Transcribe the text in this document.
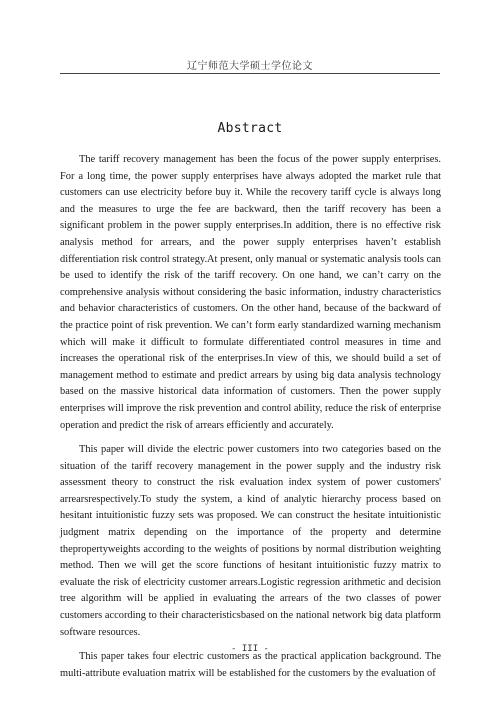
辽宁师范大学硕士学位论文
Abstract

The tariff recovery management has been the focus of the power supply enterprises. For a long time, the power supply enterprises have always adopted the market rule that customers can use electricity before buy it. While the recovery tariff cycle is always long and the measures to urge the fee are backward, then the tariff recovery has been a significant problem in the power supply enterprises.In addition, there is no effective risk analysis method for arrears, and the power supply enterprises haven’t establish differentiation risk control strategy.At present, only manual or systematic analysis tools can be used to identify the risk of the tariff recovery. On one hand, we can’t carry on the comprehensive analysis without considering the basic information, industry characteristics and behavior characteristics of customers. On the other hand, because of the backward of the practice point of risk prevention. We can’t form early standardized warning mechanism which will make it difficult to formulate differentiated control measures in time and increases the operational risk of the enterprises.In view of this, we should build a set of management method to estimate and predict arrears by using big data analysis technology based on the massive historical data information of customers. Then the power supply enterprises will improve the risk prevention and control ability, reduce the risk of enterprise operation and predict the risk of arrears efficiently and accurately.

This paper will divide the electric power customers into two categories based on the situation of the tariff recovery management in the power supply and the industry risk assessment theory to construct the risk evaluation index system of power customers' arrearsrespectively.To study the system, a kind of analytic hierarchy process based on hesitant intuitionistic fuzzy sets was proposed. We can construct the hesitate intuitionistic judgment matrix depending on the importance of the property and determine thepropertyweights according to the weights of positions by normal distribution weighting method. Then we will get the score functions of hesitant intuitionistic fuzzy matrix to evaluate the risk of electricity customer arrears.Logistic regression arithmetic and decision tree algorithm will be applied in evaluating the arrears of the two classes of power customers according to their characteristicsbased on the national network big data platform software resources.

This paper takes four electric customers as the practical application background. The multi-attribute evaluation matrix will be established for the customers by the evaluation of

- III -
